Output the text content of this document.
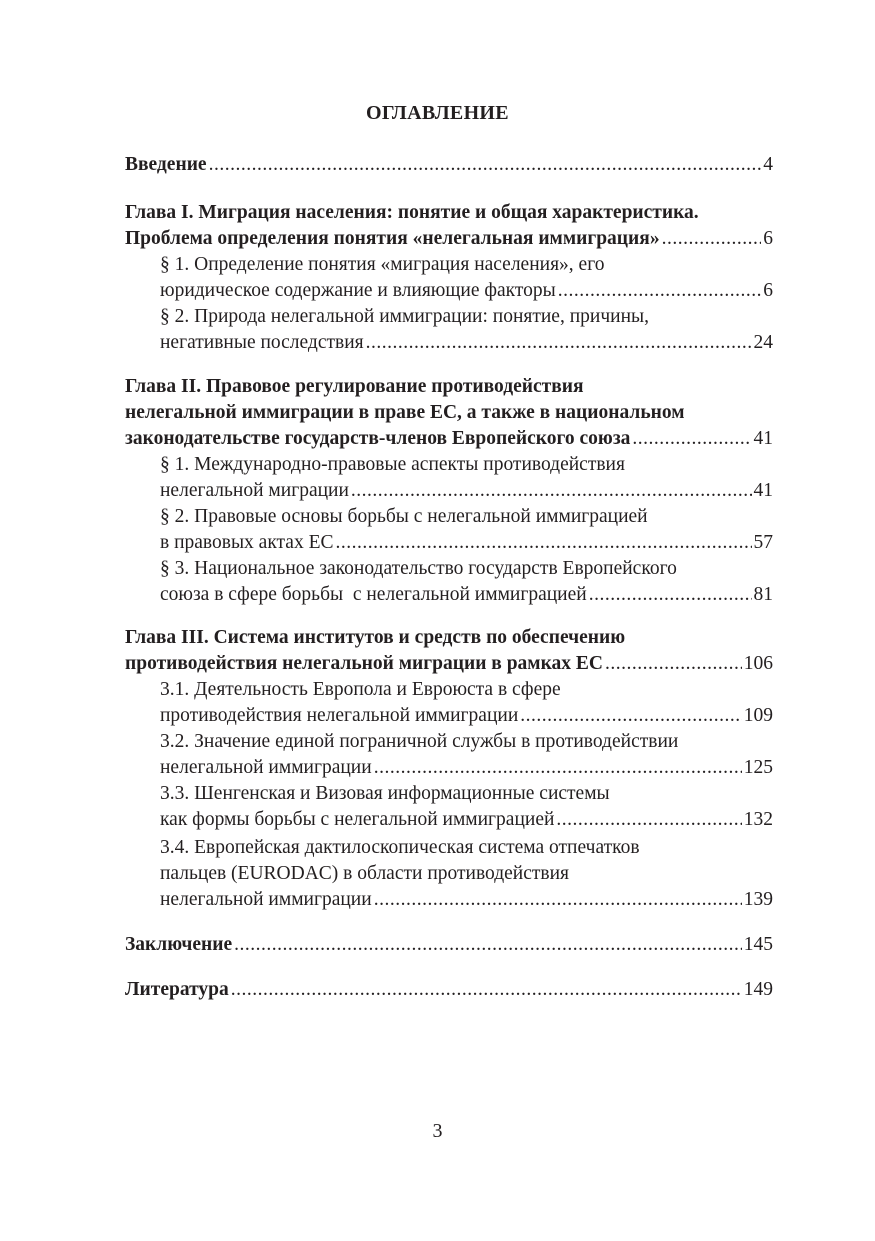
ОГЛАВЛЕНИЕ
Введение .....	4
Глава I. Миграция населения: понятие и общая характеристика.
Проблема определения понятия «нелегальная иммиграция» .....	6
§ 1. Определение понятия «миграция населения», его
юридическое содержание и влияющие факторы .....	6
§ 2. Природа нелегальной иммиграции: понятие, причины,
негативные последствия .....	24
Глава II. Правовое регулирование противодействия
нелегальной иммиграции в праве ЕС, а также в национальном
законодательстве государств-членов Европейского союза .....	41
§ 1. Международно-правовые аспекты противодействия
нелегальной миграции .....	41
§ 2. Правовые основы борьбы с нелегальной иммиграцией
в правовых актах ЕС .....	57
§ 3. Национальное законодательство государств Европейского
союза в сфере борьбы  с нелегальной иммиграцией .....	81
Глава III. Система институтов и средств по обеспечению
противодействия нелегальной миграции в рамках ЕС .....	106
3.1. Деятельность Европола и Евроюста в сфере
противодействия нелегальной иммиграции .....	109
3.2. Значение единой пограничной службы в противодействии
нелегальной иммиграции .....	125
3.3. Шенгенская и Визовая информационные системы
как формы борьбы с нелегальной иммиграцией .....	132
3.4. Европейская дактилоскопическая система отпечатков
пальцев (EURODAC) в области противодействия
нелегальной иммиграции .....	139
Заключение .....	145
Литература .....	149
3
